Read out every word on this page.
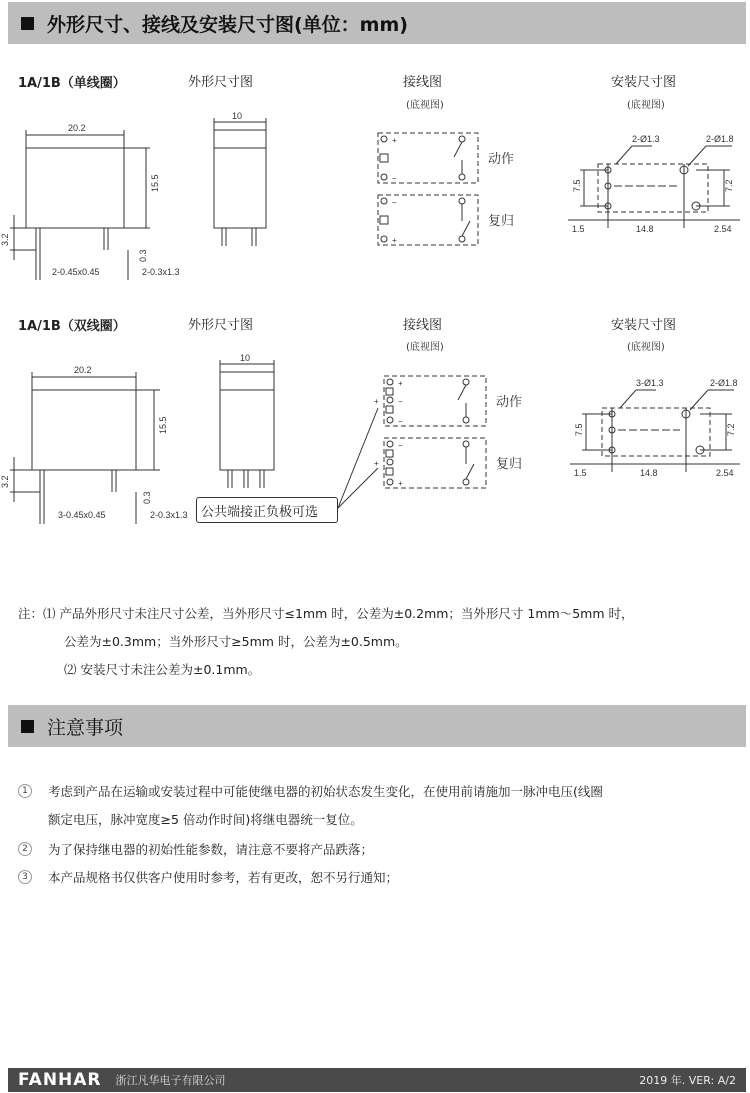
外形尺寸、接线及安装尺寸图(单位：mm)
1A/1B（单线圈）	外形尺寸图	接线图
(底视图)
安装尺寸图
(底视图)
20.2
10
15.5
3.2
0.3
2-0.45x0.45	2-0.3x1.3
+
−
−
+
动作
复归
2-Ø1.3	2-Ø1.8
7.5	7.2
1.5	14.8	2.54
1A/1B（双线圈）	外形尺寸图	接线图
(底视图)
安装尺寸图
(底视图)
20.2
10
15.5
3.2
0.3
3-0.45x0.45	2-0.3x1.3 公共端接正负极可选
+
+ −
−
−
+
+
动作
复归
3-Ø1.3	2-Ø1.8
7.5	7.2
1.5	14.8	2.54
注：⑴ 产品外形尺寸未注尺寸公差，当外形尺寸≤1mm 时，公差为±0.2mm；当外形尺寸 1mm～5mm 时，
公差为±0.3mm；当外形尺寸≥5mm 时，公差为±0.5mm。
⑵ 安装尺寸未注公差为±0.1mm。
注意事项
1	考虑到产品在运输或安装过程中可能使继电器的初始状态发生变化，在使用前请施加一脉冲电压(线圈
额定电压，脉冲宽度≥5 倍动作时间)将继电器统一复位。
2	为了保持继电器的初始性能参数，请注意不要将产品跌落；
3	本产品规格书仅供客户使用时参考，若有更改，恕不另行通知；
FANHAR 浙江凡华电子有限公司	2019 年. VER: A/2
